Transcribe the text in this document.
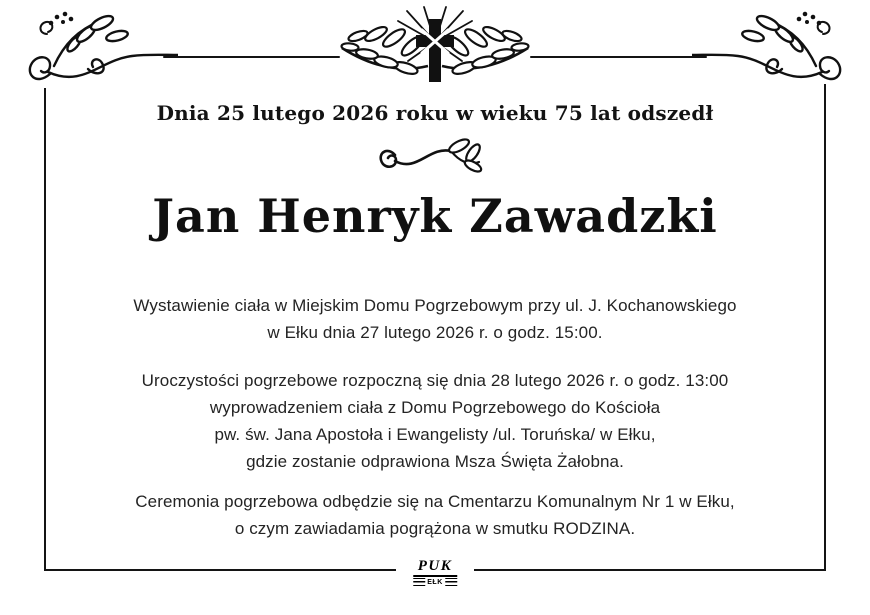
Dnia 25 lutego 2026 roku w wieku 75 lat odszedł
Jan Henryk Zawadzki
Wystawienie ciała w Miejskim Domu Pogrzebowym przy ul. J. Kochanowskiego
w Ełku dnia 27 lutego 2026 r. o godz. 15:00.
Uroczystości pogrzebowe rozpoczną się dnia 28 lutego 2026 r. o godz. 13:00
wyprowadzeniem ciała z Domu Pogrzebowego do Kościoła
pw. św. Jana Apostoła i Ewangelisty /ul. Toruńska/ w Ełku,
gdzie zostanie odprawiona Msza Święta Żałobna.
Ceremonia pogrzebowa odbędzie się na Cmentarzu Komunalnym Nr 1 w Ełku,
o czym zawiadamia pogrążona w smutku RODZINA.
PUK
EŁK
